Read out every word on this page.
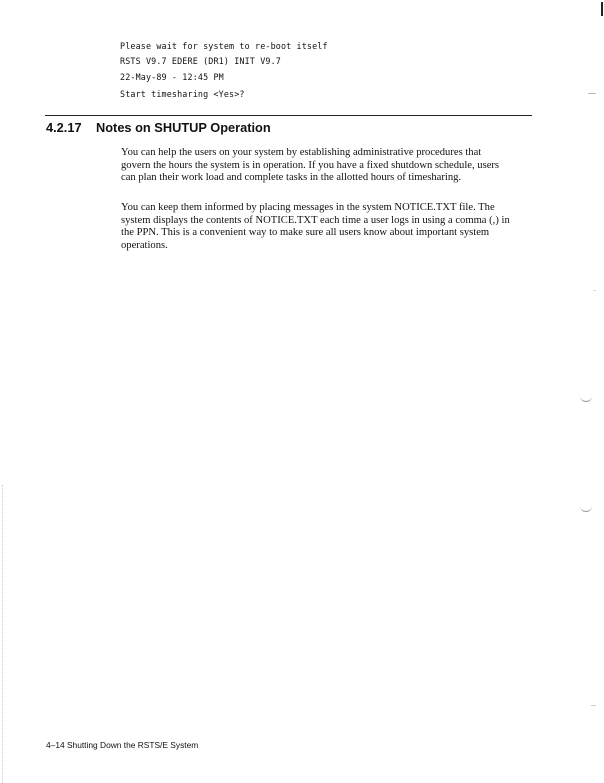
Please wait for system to re-boot itself
RSTS V9.7 EDERE (DR1) INIT V9.7
22-May-89 - 12:45 PM
Start timesharing <Yes>?
4.2.17 Notes on SHUTUP Operation

You can help the users on your system by establishing administrative procedures that govern the hours the system is in operation. If you have a fixed shutdown schedule, users can plan their work load and complete tasks in the allotted hours of timesharing.

You can keep them informed by placing messages in the system NOTICE.TXT file. The system displays the contents of NOTICE.TXT each time a user logs in using a comma (,) in the PPN. This is a convenient way to make sure all users know about important system operations.

4–14 Shutting Down the RSTS/E System
